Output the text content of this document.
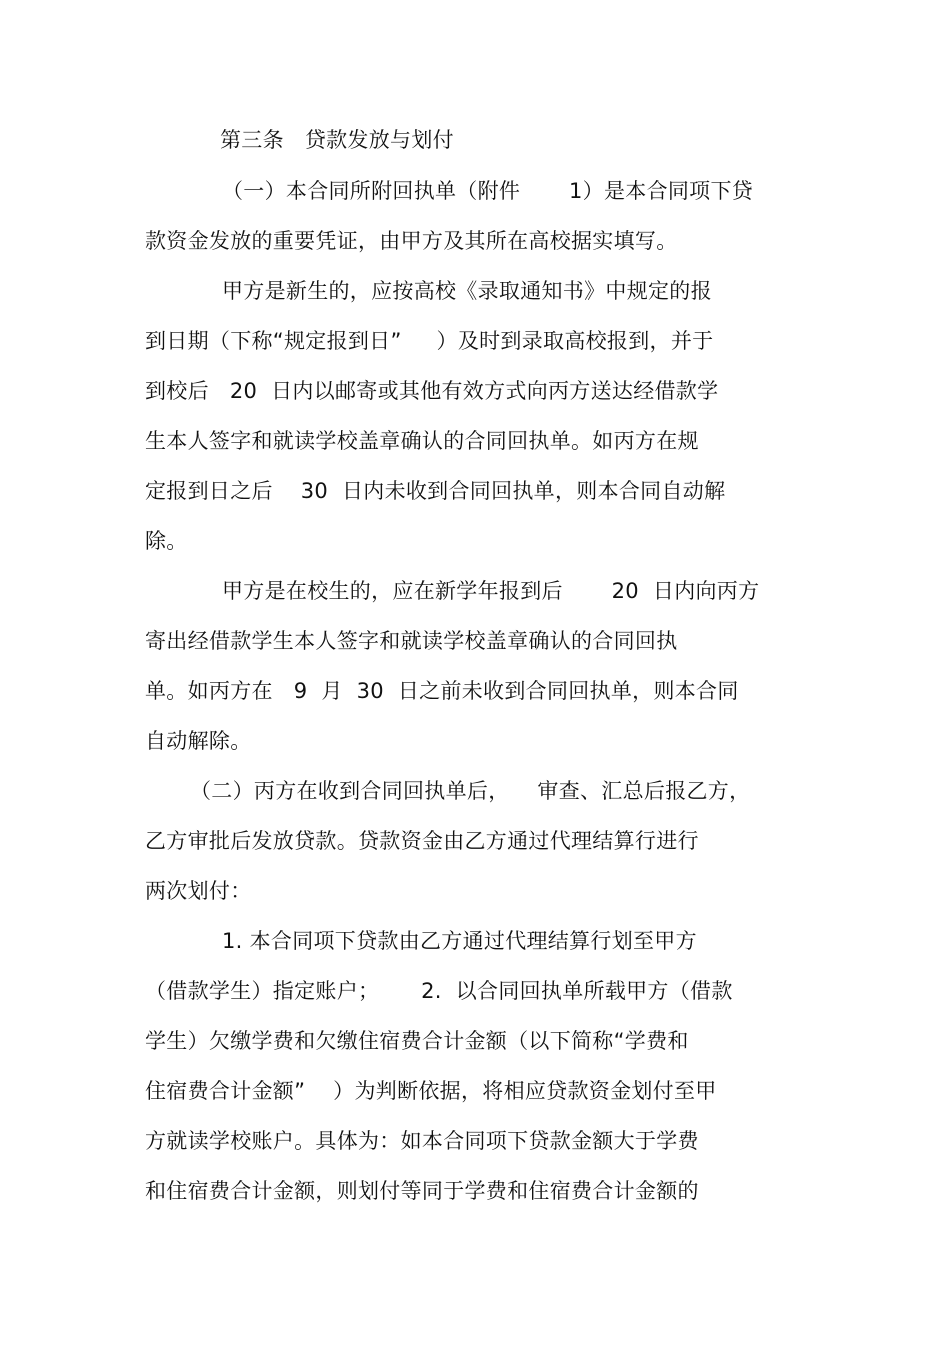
第三条   贷款发放与划付
（一）本合同所附回执单（附件       1）是本合同项下贷
款资金发放的重要凭证，由甲方及其所在高校据实填写。
甲方是新生的，应按高校《录取通知书》中规定的报
到日期（下称“规定报到日”     ）及时到录取高校报到，并于
到校后   20  日内以邮寄或其他有效方式向丙方送达经借款学
生本人签字和就读学校盖章确认的合同回执单。如丙方在规
定报到日之后    30  日内未收到合同回执单，则本合同自动解
除。
甲方是在校生的，应在新学年报到后       20  日内向丙方
寄出经借款学生本人签字和就读学校盖章确认的合同回执
单。如丙方在   9  月  30  日之前未收到合同回执单，则本合同
自动解除。
（二）丙方在收到合同回执单后，    审查、汇总后报乙方，
乙方审批后发放贷款。贷款资金由乙方通过代理结算行进行
两次划付：
1. 本合同项下贷款由乙方通过代理结算行划至甲方
（借款学生）指定账户；      2.  以合同回执单所载甲方（借款
学生）欠缴学费和欠缴住宿费合计金额（以下简称“学费和
住宿费合计金额”    ）为判断依据，将相应贷款资金划付至甲
方就读学校账户。具体为：如本合同项下贷款金额大于学费
和住宿费合计金额，则划付等同于学费和住宿费合计金额的
